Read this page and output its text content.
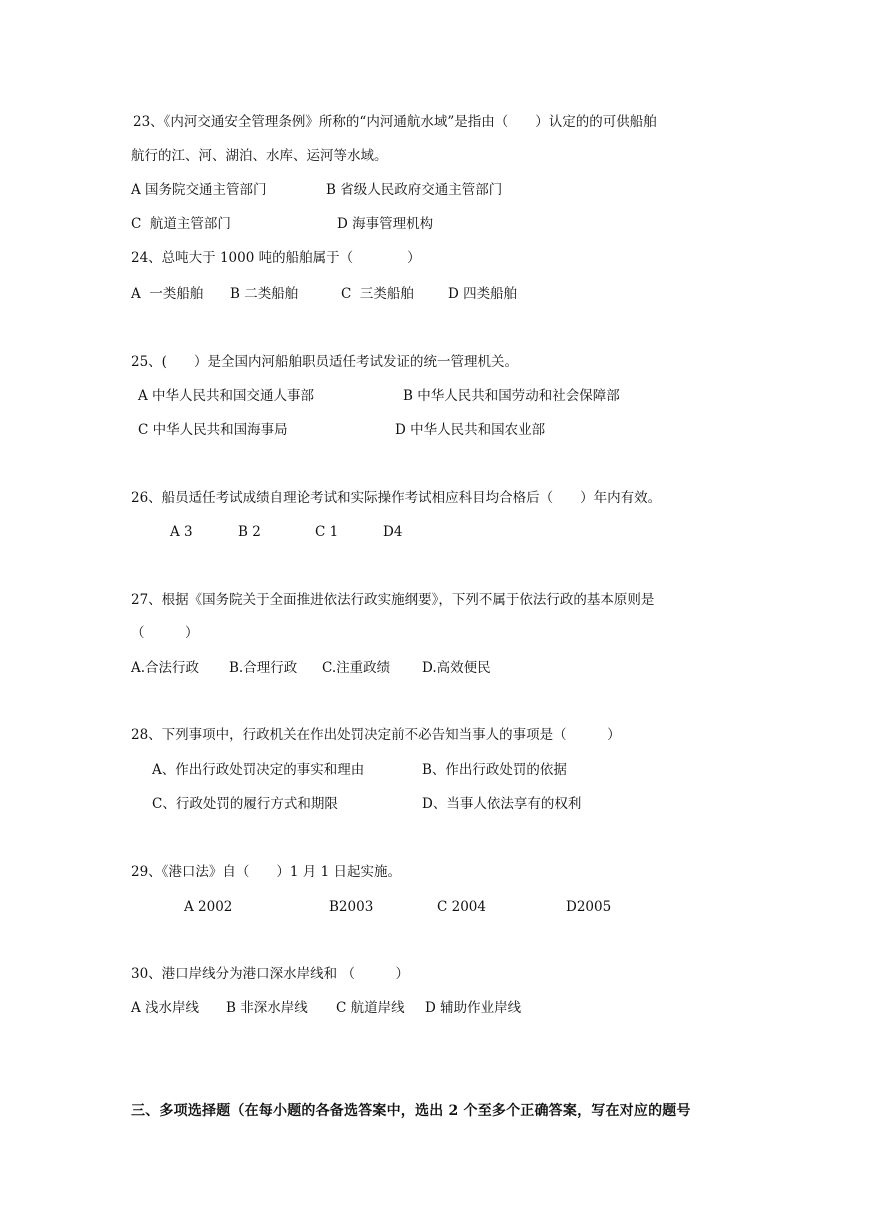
23、《内河交通安全管理条例》所称的“内河通航水域”是指由（　　）认定的的可供船舶
航行的江、河、湖泊、水库、运河等水域。
A 国务院交通主管部门	B 省级人民政府交通主管部门
C  航道主管部门	D 海事管理机构
24、总吨大于 1000 吨的船舶属于（　　　　）
A  一类船舶 B 二类船舶	C  三类船舶	D 四类船舶
25、(　　）是全国内河船舶职员适任考试发证的统一管理机关。
A 中华人民共和国交通人事部	B 中华人民共和国劳动和社会保障部
C 中华人民共和国海事局	D 中华人民共和国农业部
26、船员适任考试成绩自理论考试和实际操作考试相应科目均合格后（　　）年内有效。
A 3	B 2	C 1	D4
27、根据《国务院关于全面推进依法行政实施纲要》，下列不属于依法行政的基本原则是
（　　　）
A.合法行政 B.合理行政 C.注重政绩 D.高效便民
28、下列事项中，行政机关在作出处罚决定前不必告知当事人的事项是（　　　）
A、作出行政处罚决定的事实和理由	B、作出行政处罚的依据
C、行政处罚的履行方式和期限	D、当事人依法享有的权利
29、《港口法》自（　　）1 月 1 日起实施。
A 2002	B2003	C 2004	D2005
30、港口岸线分为港口深水岸线和 （　　　）
A 浅水岸线 B 非深水岸线 C 航道岸线 D 辅助作业岸线
三、多项选择题（在每小题的各备选答案中，选出 2 个至多个正确答案，写在对应的题号
